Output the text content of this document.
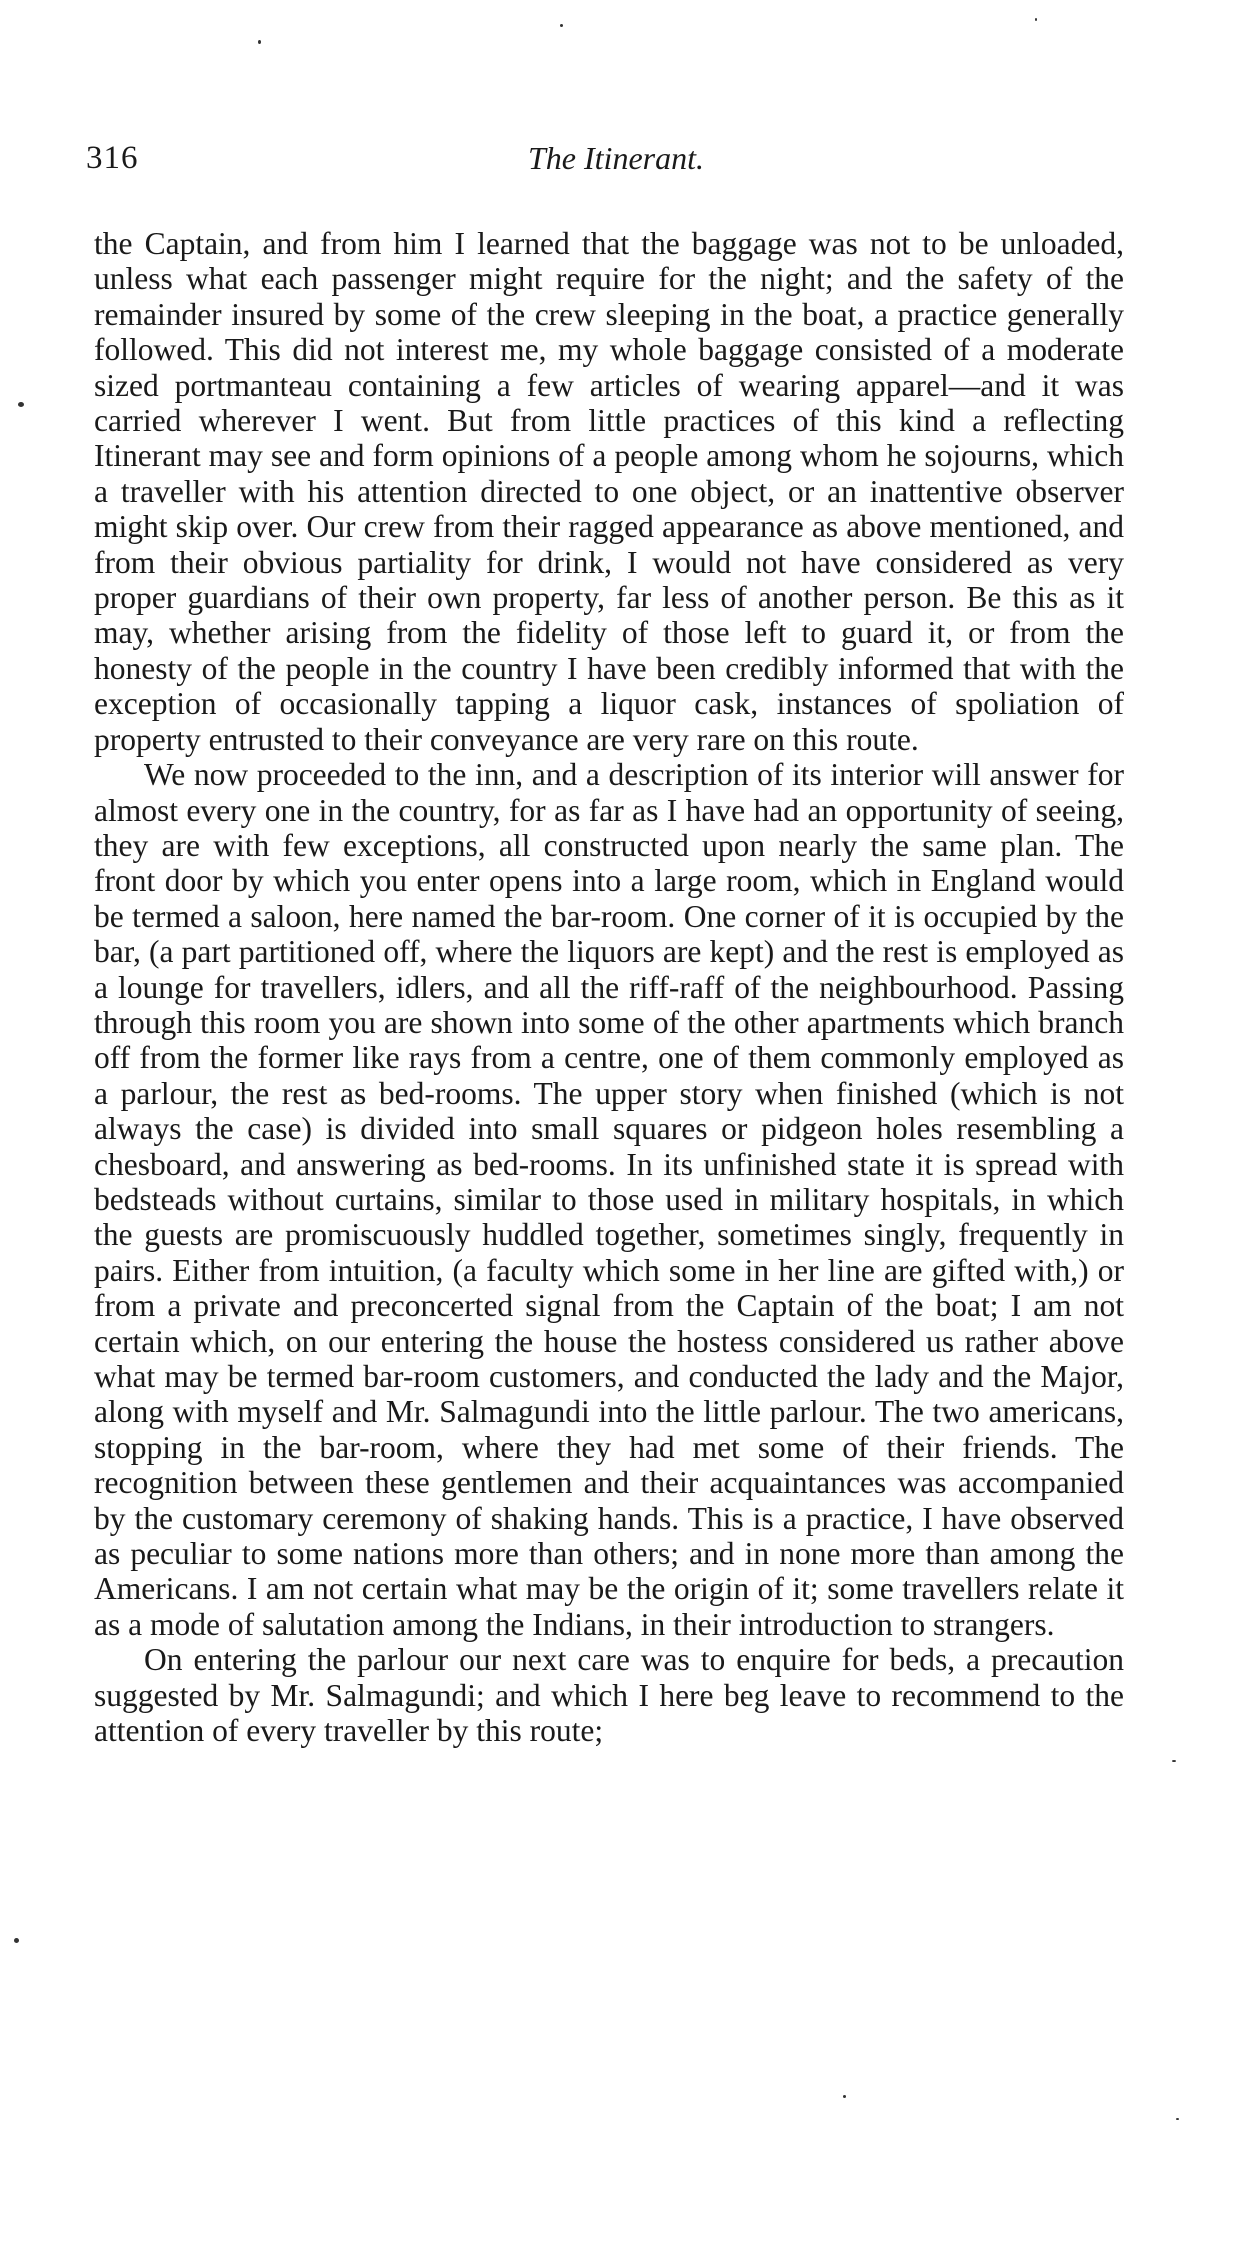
316	The Itinerant.

the Captain, and from him I learned that the baggage was not to be unloaded, unless what each passenger might require for the night; and the safety of the remainder insured by some of the crew sleeping in the boat, a practice generally followed. This did not interest me, my whole baggage consisted of a moderate sized portmanteau containing a few articles of wearing apparel—and it was carried wherever I went. But from little practices of this kind a reflecting Itinerant may see and form opinions of a people among whom he sojourns, which a traveller with his attention directed to one object, or an inattentive observer might skip over. Our crew from their ragged appearance as above mentioned, and from their obvious partiality for drink, I would not have considered as very proper guardians of their own property, far less of another person. Be this as it may, whether arising from the fidelity of those left to guard it, or from the honesty of the people in the country I have been credibly informed that with the exception of occasionally tapping a liquor cask, instances of spoliation of property entrusted to their conveyance are very rare on this route.

We now proceeded to the inn, and a description of its interior will answer for almost every one in the country, for as far as I have had an opportunity of seeing, they are with few exceptions, all constructed upon nearly the same plan. The front door by which you enter opens into a large room, which in England would be termed a saloon, here named the bar-room. One corner of it is occupied by the bar, (a part partitioned off, where the liquors are kept) and the rest is employed as a lounge for travellers, idlers, and all the riff-raff of the neighbourhood. Passing through this room you are shown into some of the other apartments which branch off from the former like rays from a centre, one of them commonly employed as a parlour, the rest as bed-rooms. The upper story when finished (which is not always the case) is divided into small squares or pidgeon holes resembling a chesboard, and answering as bed-rooms. In its unfinished state it is spread with bedsteads without curtains, similar to those used in military hospitals, in which the guests are promiscuously huddled together, sometimes singly, frequently in pairs. Either from intuition, (a faculty which some in her line are gifted with,) or from a private and preconcerted signal from the Captain of the boat; I am not certain which, on our entering the house the hostess considered us rather above what may be termed bar-room customers, and conducted the lady and the Major, along with myself and Mr. Salmagundi into the little parlour. The two americans, stopping in the bar-room, where they had met some of their friends. The recognition between these gentlemen and their acquaintances was accompanied by the customary ceremony of shaking hands. This is a practice, I have observed as peculiar to some nations more than others; and in none more than among the Americans. I am not certain what may be the origin of it; some travellers relate it as a mode of salutation among the Indians, in their introduction to strangers.

On entering the parlour our next care was to enquire for beds, a precaution suggested by Mr. Salmagundi; and which I here beg leave to recommend to the attention of every traveller by this route;
